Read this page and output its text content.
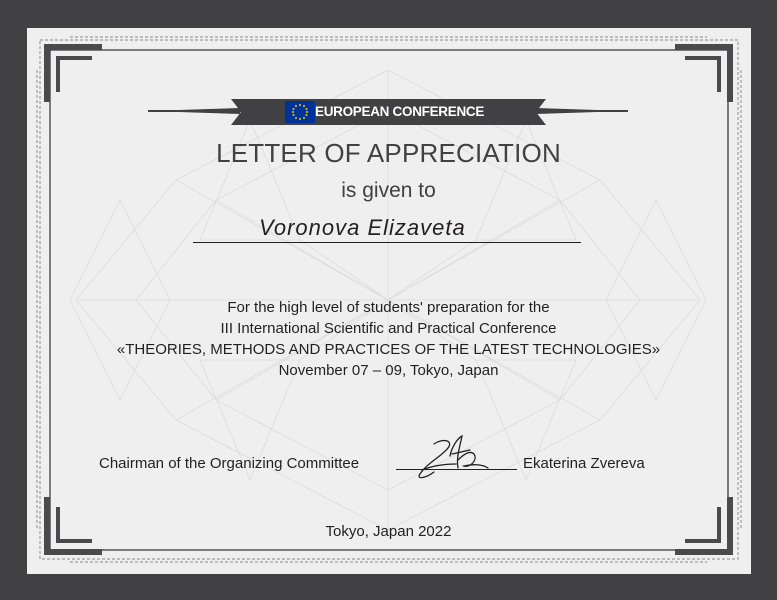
EUROPEAN CONFERENCE
LETTER OF APPRECIATION
is given to
Voronova Elizaveta
For the high level of students' preparation for the
III International Scientific and Practical Conference
«THEORIES, METHODS AND PRACTICES OF THE LATEST TECHNOLOGIES»
November 07 – 09, Tokyo, Japan
Chairman of the Organizing Committee	Ekaterina Zvereva
Tokyo, Japan 2022
